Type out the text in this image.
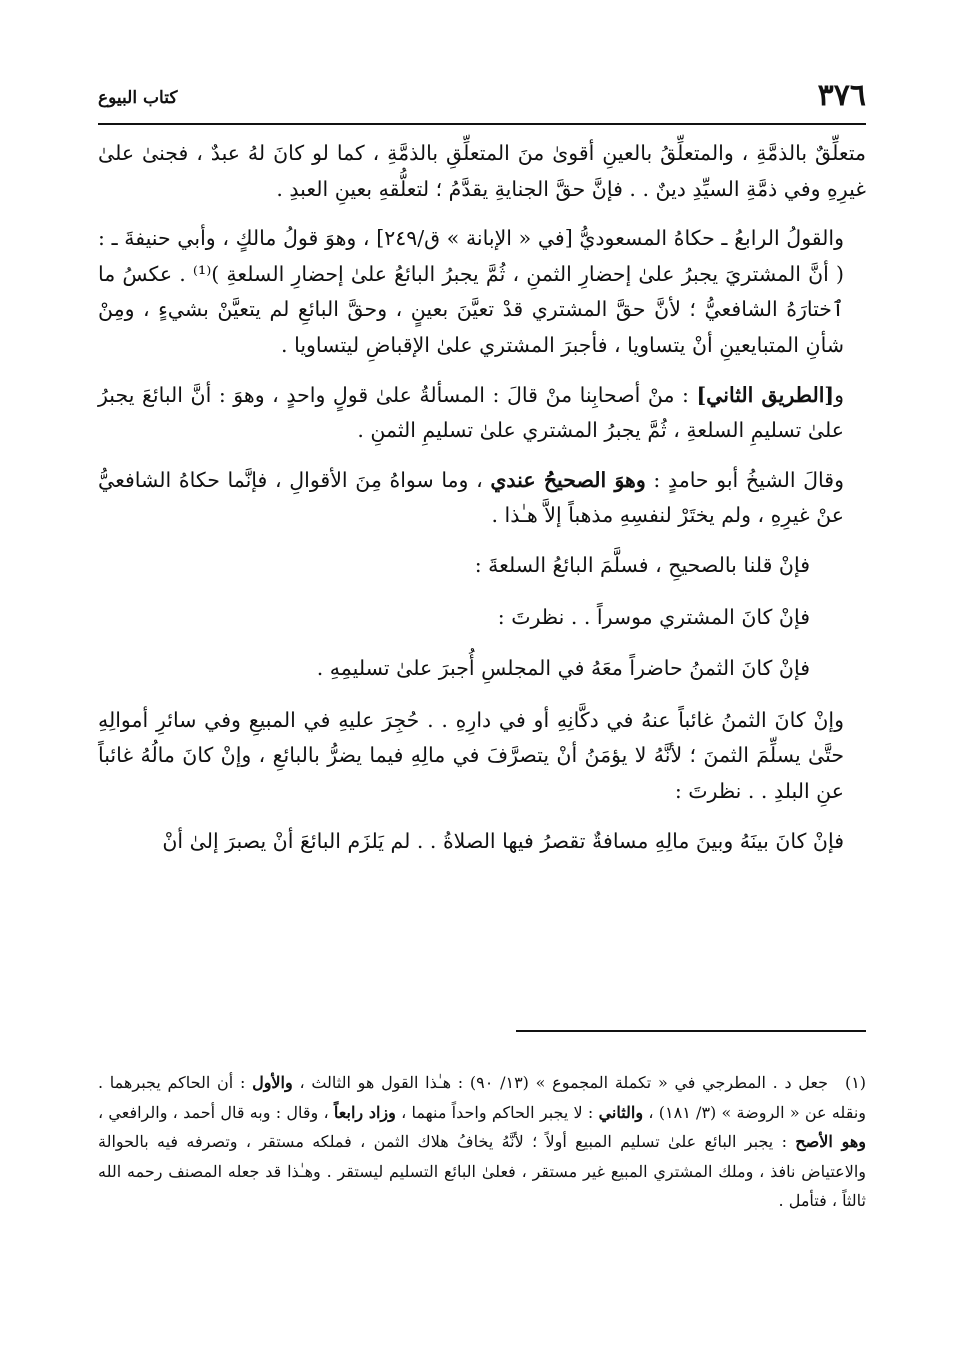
٣٧٦
كتاب البيوع

متعلِّقٌ بالذمَّةِ ، والمتعلِّقُ بالعينِ أقوىٰ منَ المتعلِّقِ بالذمَّةِ ، كما لو كانَ لهُ عبدٌ ، فجنىٰ علىٰ غيرِهِ وفي ذمَّةِ السيِّدِ دينٌ . . فإنَّ حقَّ الجنايةِ يقدَّمُ ؛ لتعلُّقهِ بعينِ العبدِ .

والقولُ الرابعُ ـ حكاهُ المسعوديُّ [في « الإبانة » ق/٢٤٩] ، وهوَ قولُ مالكٍ ، وأبي حنيفةَ ـ : ( أنَّ المشتريَ يجبرُ علىٰ إحضارِ الثمنِ ، ثُمَّ يجبرُ البائعُ علىٰ إحضارِ السلعةِ )⁽¹⁾ . عكسُ ما ٱختارَهُ الشافعيُّ ؛ لأنَّ حقَّ المشتري قدْ تعيَّنَ بعينٍ ، وحقَّ البائعِ لم يتعيَّنْ بشيءٍ ، ومِنْ شأنِ المتبايعينِ أنْ يتساويا ، فأجبرَ المشتري علىٰ الإقباضِ ليتساويا .

و[الطريق الثاني] : منْ أصحابِنا منْ قالَ : المسألةُ علىٰ قولٍ واحدٍ ، وهوَ : أنَّ البائعَ يجبرُ علىٰ تسليمِ السلعةِ ، ثُمَّ يجبرُ المشتري علىٰ تسليمِ الثمنِ .

وقالَ الشيخُ أبو حامدٍ : وهوَ الصحيحُ عندي ، وما سواهُ مِنَ الأقوالِ ، فإنَّما حكاهُ الشافعيُّ عنْ غيرِهِ ، ولم يختَرْ لنفسِهِ مذهباً إلاَّ هـٰذا .

فإنْ قلنا بالصحيحِ ، فسلَّمَ البائعُ السلعةَ :

فإنْ كانَ المشتري موسراً . . نظرتَ :

فإنْ كانَ الثمنُ حاضراً معَهُ في المجلسِ أُجبرَ علىٰ تسليمِهِ .

وإنْ كانَ الثمنُ غائباً عنهُ في دكَّانِهِ أو في دارِهِ . . حُجِرَ عليهِ في المبيعِ وفي سائرِ أموالِهِ حتَّىٰ يسلِّمَ الثمنَ ؛ لأنَّهُ لا يؤمَنُ أنْ يتصرَّفَ في مالِهِ فيما يضرُّ بالبائعِ ، وإنْ كانَ مالُهُ غائباً عنِ البلدِ . . نظرتَ :

فإنْ كانَ بينَهُ وبينَ مالِهِ مسافةٌ تقصرُ فيها الصلاةُ . . لم يَلزَم البائعَ أنْ يصبرَ إلىٰ أنْ

(١)جعل د . المطرجي في « تكملة المجموع » (١٣/ ٩٠) : هـٰذا القول هو الثالث ، والأول : أن الحاكم يجبرهما . ونقله عن « الروضة » (٣/ ١٨١) ، والثاني : لا يجبر الحاكم واحداً منهما ، وزاد رابعاً ، وقال : وبه قال أحمد ، والرافعي ، وهو الأصح : يجبر البائع علىٰ تسليم المبيع أولاً ؛ لأنَّهُ يخافُ هلاك الثمن ، فملكه مستقر ، وتصرفه فيه بالحوالة والاعتياض نافذ ، وملك المشتري المبيع غير مستقر ، فعلىٰ البائع التسليم ليستقر . وهـٰذا قد جعله المصنف رحمه الله ثالثاً ، فتأمل .
